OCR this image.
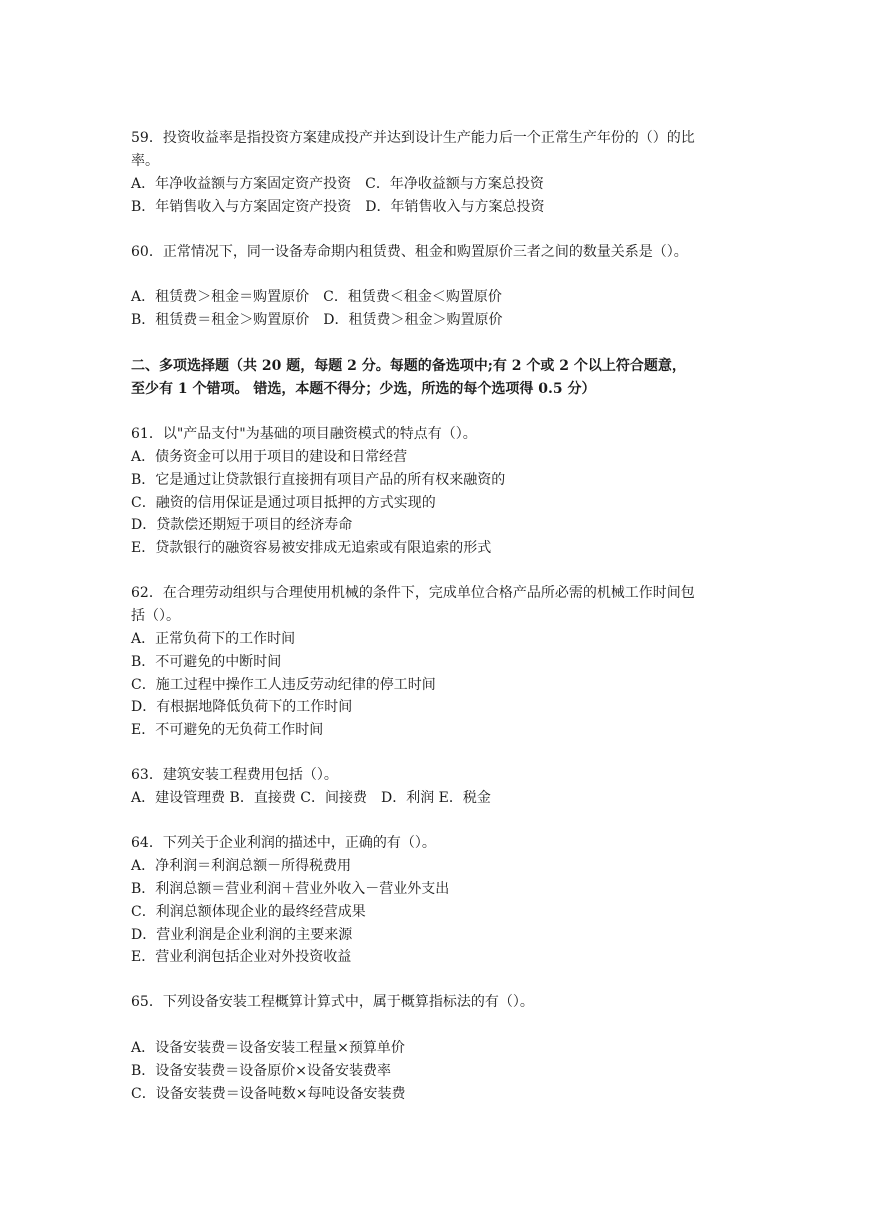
59．投资收益率是指投资方案建成投产并达到设计生产能力后一个正常生产年份的（）的比
率。
A．年净收益额与方案固定资产投资　C．年净收益额与方案总投资
B．年销售收入与方案固定资产投资　D．年销售收入与方案总投资
60．正常情况下，同一设备寿命期内租赁费、租金和购置原价三者之间的数量关系是（）。
A．租赁费＞租金＝购置原价　C．租赁费＜租金＜购置原价
B．租赁费＝租金＞购置原价　D．租赁费＞租金＞购置原价
二、多项选择题（共 20 题，每题 2 分。每题的备选项中;有 2 个或 2 个以上符合题意，
至少有 1 个错项。 错选，本题不得分；少选，所选的每个选项得 0.5 分）
61．以"产品支付"为基础的项目融资模式的特点有（）。
A．债务资金可以用于项目的建设和日常经营
B．它是通过让贷款银行直接拥有项目产品的所有权来融资的
C．融资的信用保证是通过项目抵押的方式实现的
D．贷款偿还期短于项目的经济寿命
E．贷款银行的融资容易被安排成无追索或有限追索的形式
62．在合理劳动组织与合理使用机械的条件下，完成单位合格产品所必需的机械工作时间包
括（）。
A．正常负荷下的工作时间
B．不可避免的中断时间
C．施工过程中操作工人违反劳动纪律的停工时间
D．有根据地降低负荷下的工作时间
E．不可避免的无负荷工作时间
63．建筑安装工程费用包括（）。
A．建设管理费 B．直接费 C．间接费　D．利润 E．税金
64．下列关于企业利润的描述中，正确的有（）。
A．净利润＝利润总额－所得税费用
B．利润总额＝营业利润＋营业外收入－营业外支出
C．利润总额体现企业的最终经营成果
D．营业利润是企业利润的主要来源
E．营业利润包括企业对外投资收益
65．下列设备安装工程概算计算式中，属于概算指标法的有（）。
A．设备安装费＝设备安装工程量×预算单价
B．设备安装费＝设备原价×设备安装费率
C．设备安装费＝设备吨数×每吨设备安装费
